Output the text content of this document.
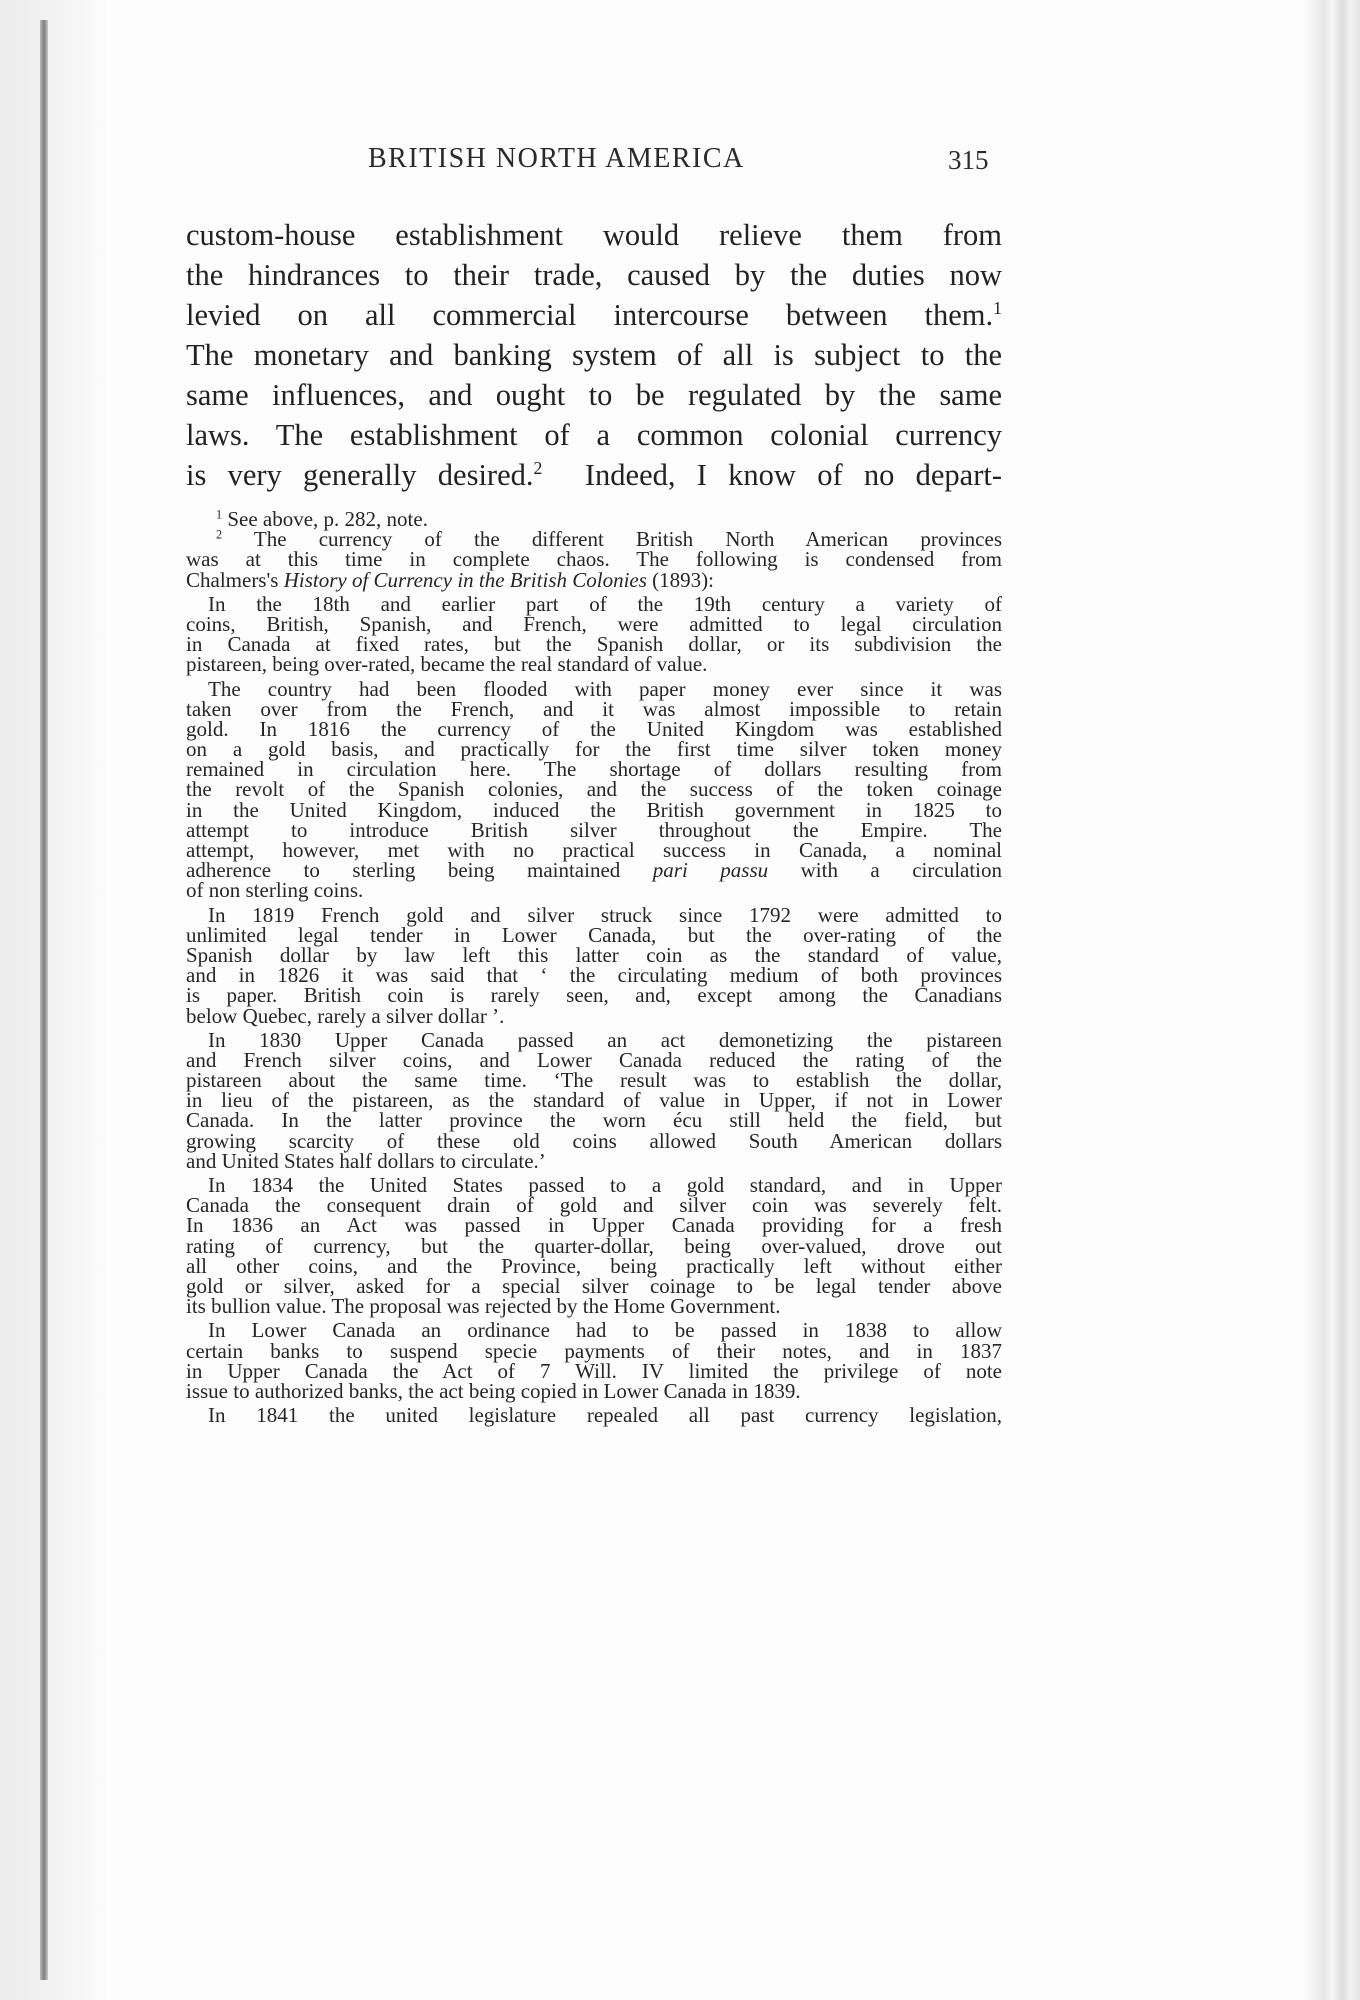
BRITISH NORTH AMERICA	315
custom-house establishment would relieve them from
the hindrances to their trade, caused by the duties now
levied on all commercial intercourse between them.$^1$
The monetary and banking system of all is subject to the
same influences, and ought to be regulated by the same
laws. The establishment of a common colonial currency
is very generally desired.$^2$ Indeed, I know of no depart-
$^1$ See above, p. 282, note.
$^2$ The currency of the different British North American provinces
was at this time in complete chaos. The following is condensed from
Chalmers's History of Currency in the British Colonies (1893):
In the 18th and earlier part of the 19th century a variety of
coins, British, Spanish, and French, were admitted to legal circulation
in Canada at fixed rates, but the Spanish dollar, or its subdivision the
pistareen, being over-rated, became the real standard of value.
The country had been flooded with paper money ever since it was
taken over from the French, and it was almost impossible to retain
gold. In 1816 the currency of the United Kingdom was established
on a gold basis, and practically for the first time silver token money
remained in circulation here. The shortage of dollars resulting from
the revolt of the Spanish colonies, and the success of the token coinage
in the United Kingdom, induced the British government in 1825 to
attempt to introduce British silver throughout the Empire. The
attempt, however, met with no practical success in Canada, a nominal
adherence to sterling being maintained pari passu with a circulation
of non sterling coins.
In 1819 French gold and silver struck since 1792 were admitted to
unlimited legal tender in Lower Canada, but the over-rating of the
Spanish dollar by law left this latter coin as the standard of value,
and in 1826 it was said that ‘ the circulating medium of both provinces
is paper. British coin is rarely seen, and, except among the Canadians
below Quebec, rarely a silver dollar ’.
In 1830 Upper Canada passed an act demonetizing the pistareen
and French silver coins, and Lower Canada reduced the rating of the
pistareen about the same time. ‘The result was to establish the dollar,
in lieu of the pistareen, as the standard of value in Upper, if not in Lower
Canada. In the latter province the worn écu still held the field, but
growing scarcity of these old coins allowed South American dollars
and United States half dollars to circulate.’
In 1834 the United States passed to a gold standard, and in Upper
Canada the consequent drain of gold and silver coin was severely felt.
In 1836 an Act was passed in Upper Canada providing for a fresh
rating of currency, but the quarter-dollar, being over-valued, drove out
all other coins, and the Province, being practically left without either
gold or silver, asked for a special silver coinage to be legal tender above
its bullion value. The proposal was rejected by the Home Government.
In Lower Canada an ordinance had to be passed in 1838 to allow
certain banks to suspend specie payments of their notes, and in 1837
in Upper Canada the Act of 7 Will. IV limited the privilege of note
issue to authorized banks, the act being copied in Lower Canada in 1839.
In 1841 the united legislature repealed all past currency legislation,
